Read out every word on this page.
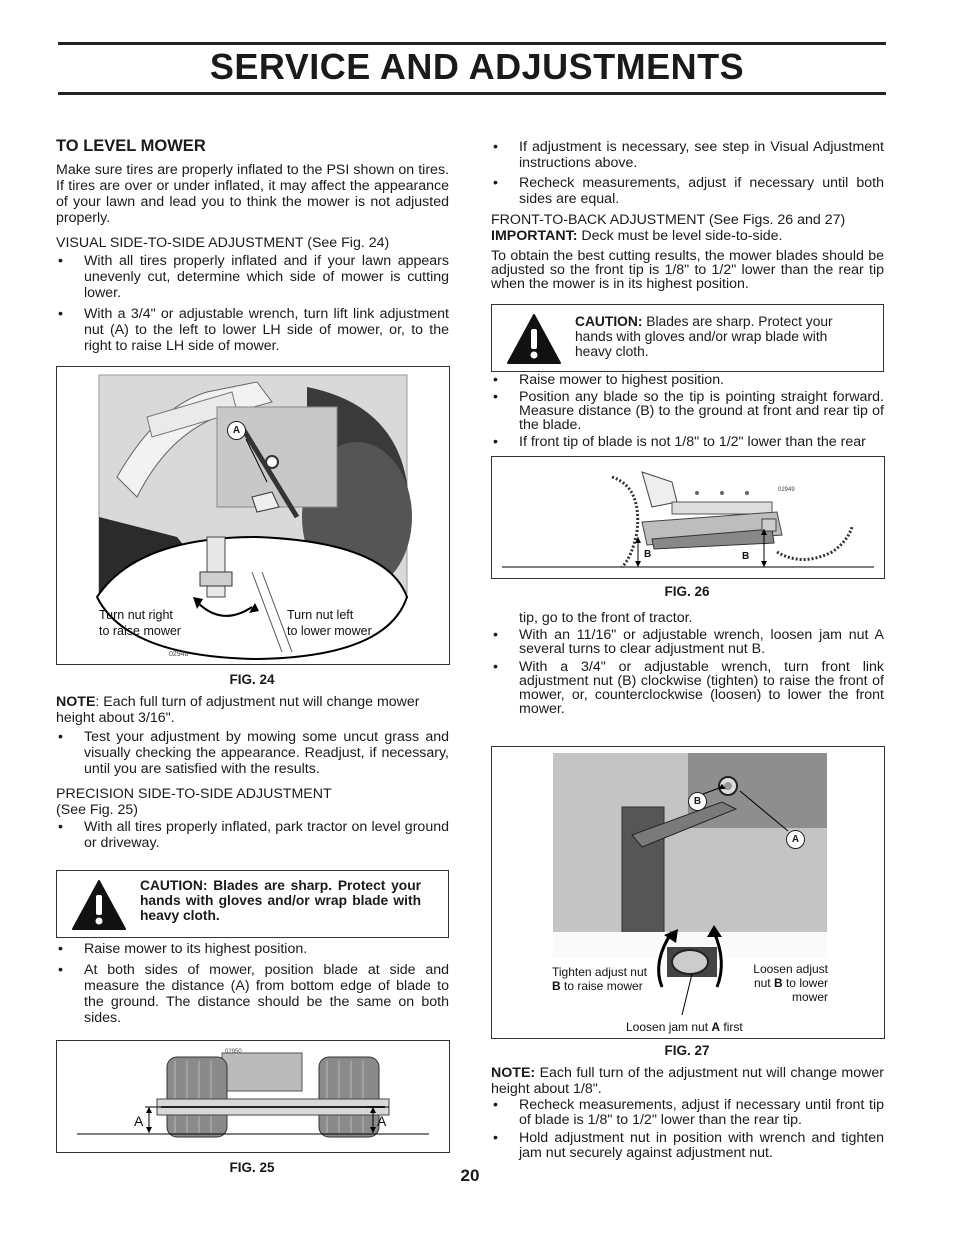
SERVICE AND ADJUSTMENTS
TO LEVEL MOWER

Make sure tires are properly inflated to the PSI shown on tires. If tires are over or under inflated, it may affect the appearance of your lawn and lead you to think the mower is not adjusted properly.

VISUAL SIDE-TO-SIDE ADJUSTMENT (See Fig. 24)

• With all tires properly inflated and if your lawn appears unevenly cut, determine which side of mower is cutting lower.
• With a 3/4" or adjustable wrench, turn lift link adjustment nut (A) to the left to lower LH side of mower, or, to the right to raise LH side of mower.
A
Turn nut right
to raise mower
Turn nut left
to lower mower
02948
FIG. 24

NOTE: Each full turn of adjustment nut will change mower height about 3/16".

• Test your adjustment by mowing some uncut grass and visually checking the appearance. Readjust, if necessary, until you are satisfied with the results.

PRECISION SIDE-TO-SIDE ADJUSTMENT

(See Fig. 25)

• With all tires properly inflated, park tractor on level ground or driveway.
CAUTION: Blades are sharp. Protect your hands with gloves and/or wrap blade with heavy cloth.
• Raise mower to its highest position.
• At both sides of mower, position blade at side and measure the distance (A) from bottom edge of blade to the ground. The distance should be the same on both sides.
A	A
02950
FIG. 25
• If adjustment is necessary, see step in Visual Adjustment instructions above.
• Recheck measurements, adjust if necessary until both sides are equal.

FRONT-TO-BACK ADJUSTMENT (See Figs. 26 and 27)

IMPORTANT: Deck must be level side-to-side.

To obtain the best cutting results, the mower blades should be adjusted so the front tip is 1/8" to 1/2" lower than the rear tip when the mower is in its highest position.

CAUTION: Blades are sharp. Protect your hands with gloves and/or wrap blade with heavy cloth.
• Raise mower to highest position.
• Position any blade so the tip is pointing straight forward. Measure distance (B) to the ground at front and rear tip of the blade.
• If front tip of blade is not 1/8" to 1/2" lower than the rear
B	B
02949
FIG. 26

tip, go to the front of tractor.

• With an 11/16" or adjustable wrench, loosen jam nut A several turns to clear adjustment nut B.
• With a 3/4" or adjustable wrench, turn front link adjustment nut (B) clockwise (tighten) to raise the front of mower, or, counterclockwise (loosen) to lower the front mower.
B
A
Tighten adjust nut
B to raise mower
Loosen adjust
nut B to lower
mower
Loosen jam nut A first
FIG. 27

NOTE: Each full turn of the adjustment nut will change mower height about 1/8".

• Recheck measurements, adjust if necessary until front tip of blade is 1/8" to 1/2" lower than the rear tip.
• Hold adjustment nut in position with wrench and tighten jam nut securely against adjustment nut.
20
